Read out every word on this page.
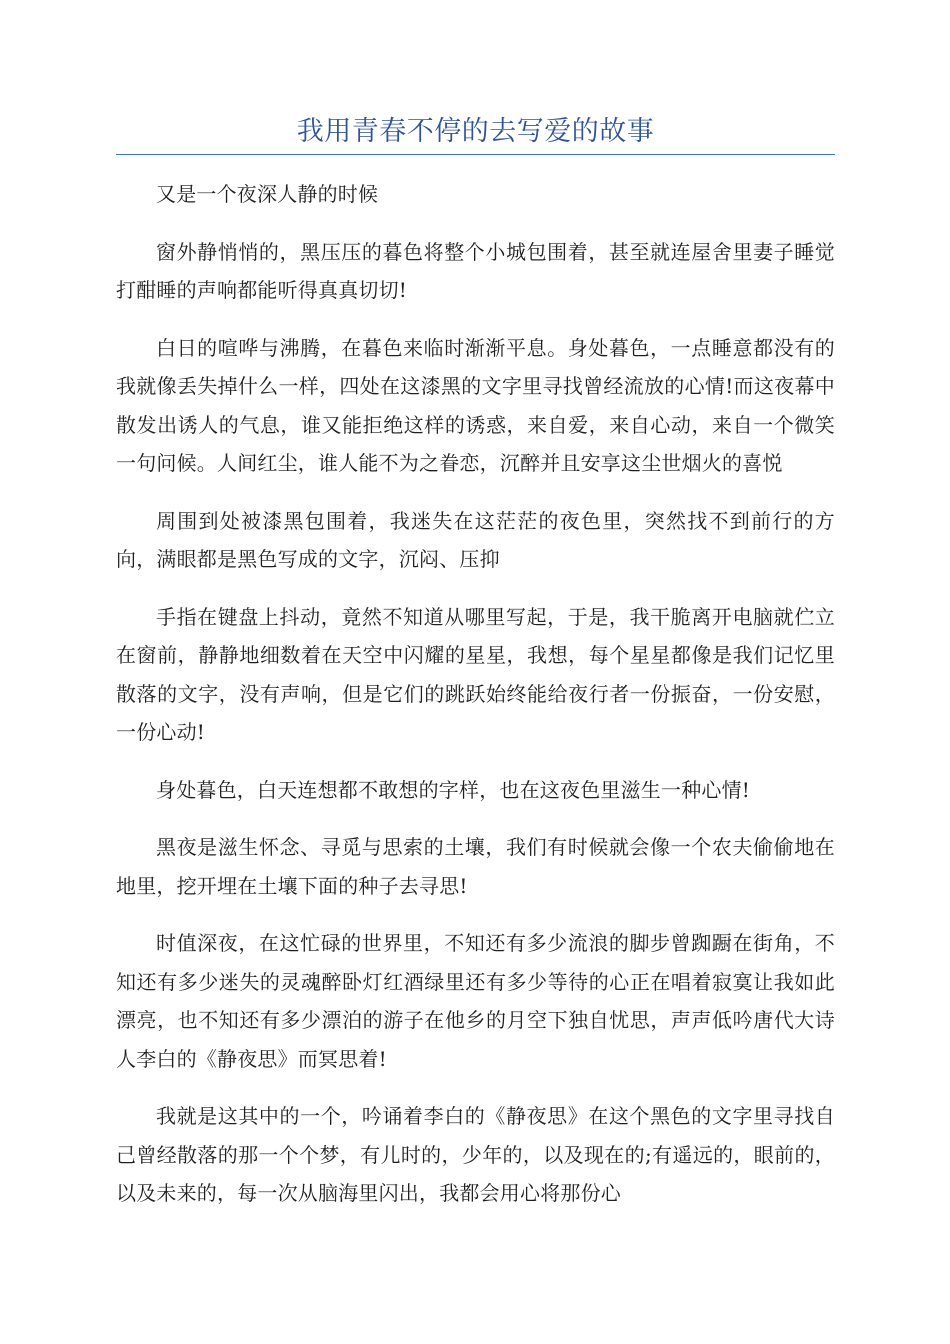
我用青春不停的去写爱的故事

又是一个夜深人静的时候

窗外静悄悄的，黑压压的暮色将整个小城包围着，甚至就连屋舍里妻子睡觉打酣睡的声响都能听得真真切切!

白日的喧哗与沸腾，在暮色来临时渐渐平息。身处暮色，一点睡意都没有的我就像丢失掉什么一样，四处在这漆黑的文字里寻找曾经流放的心情!而这夜幕中散发出诱人的气息，谁又能拒绝这样的诱惑，来自爱，来自心动，来自一个微笑一句问候。人间红尘，谁人能不为之眷恋，沉醉并且安享这尘世烟火的喜悦

周围到处被漆黑包围着，我迷失在这茫茫的夜色里，突然找不到前行的方向，满眼都是黑色写成的文字，沉闷、压抑

手指在键盘上抖动，竟然不知道从哪里写起，于是，我干脆离开电脑就伫立在窗前，静静地细数着在天空中闪耀的星星，我想，每个星星都像是我们记忆里散落的文字，没有声响，但是它们的跳跃始终能给夜行者一份振奋，一份安慰，一份心动!

身处暮色，白天连想都不敢想的字样，也在这夜色里滋生一种心情!

黑夜是滋生怀念、寻觅与思索的土壤，我们有时候就会像一个农夫偷偷地在地里，挖开埋在土壤下面的种子去寻思!

时值深夜，在这忙碌的世界里，不知还有多少流浪的脚步曾踟蹰在街角，不知还有多少迷失的灵魂醉卧灯红酒绿里还有多少等待的心正在唱着寂寞让我如此漂亮，也不知还有多少漂泊的游子在他乡的月空下独自忧思，声声低吟唐代大诗人李白的《静夜思》而冥思着!

我就是这其中的一个，吟诵着李白的《静夜思》在这个黑色的文字里寻找自己曾经散落的那一个个梦，有儿时的，少年的，以及现在的;有遥远的，眼前的，以及未来的，每一次从脑海里闪出，我都会用心将那份心
